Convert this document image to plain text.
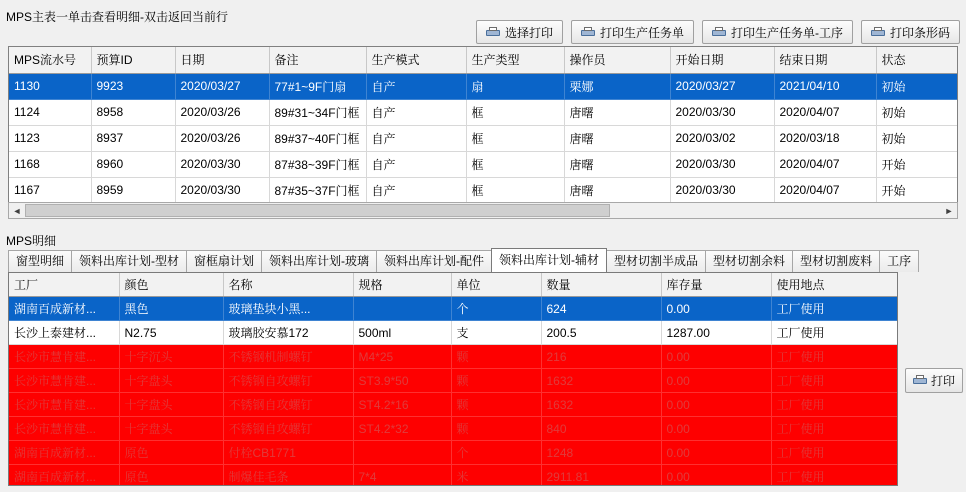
MPS主表一单击查看明细-双击返回当前行
选择打印	打印生产任务单	打印生产任务单-工序	打印条形码
MPS流水号	预算ID	日期	备注	生产模式	生产类型	操作员	开始日期	结束日期	状态
1130	9923	2020/03/27	77#1~9F门扇	自产	扇	栗娜	2020/03/27	2021/04/10	初始
1124	8958	2020/03/26	89#31~34F门框	自产	框	唐曙	2020/03/30	2020/04/07	初始
1123	8937	2020/03/26	89#37~40F门框	自产	框	唐曙	2020/03/02	2020/03/18	初始
1168	8960	2020/03/30	87#38~39F门框	自产	框	唐曙	2020/03/30	2020/04/07	开始
1167	8959	2020/03/30	87#35~37F门框	自产	框	唐曙	2020/03/30	2020/04/07	开始
◄	►
MPS明细
窗型明细	领料出库计划-型材	窗框扇计划	领料出库计划-玻璃	领料出库计划-配件	领料出库计划-辅材	型材切割半成品	型材切割余料	型材切割废料	工序
工厂	颜色	名称	规格	单位	数量	库存量	使用地点
湖南百成新材...	黑色	玻璃垫块小黑...		个	624	0.00	工厂使用
长沙上泰建材...	N2.75	玻璃胶安慕172	500ml	支	200.5	1287.00	工厂使用
长沙市慧肯建...	十字沉头	不锈钢机制螺钉	M4*25	颗	216	0.00	工厂使用
长沙市慧肯建...	十字盘头	不锈钢自攻螺钉	ST3.9*50	颗	1632	0.00	工厂使用
长沙市慧肯建...	十字盘头	不锈钢自攻螺钉	ST4.2*16	颗	1632	0.00	工厂使用
长沙市慧肯建...	十字盘头	不锈钢自攻螺钉	ST4.2*32	颗	840	0.00	工厂使用
湖南百成新材...	原色	付栓CB1771		个	1248	0.00	工厂使用
湖南百成新材...	原色	制爆佳毛条	7*4	米	2911.81	0.00	工厂使用
打印
